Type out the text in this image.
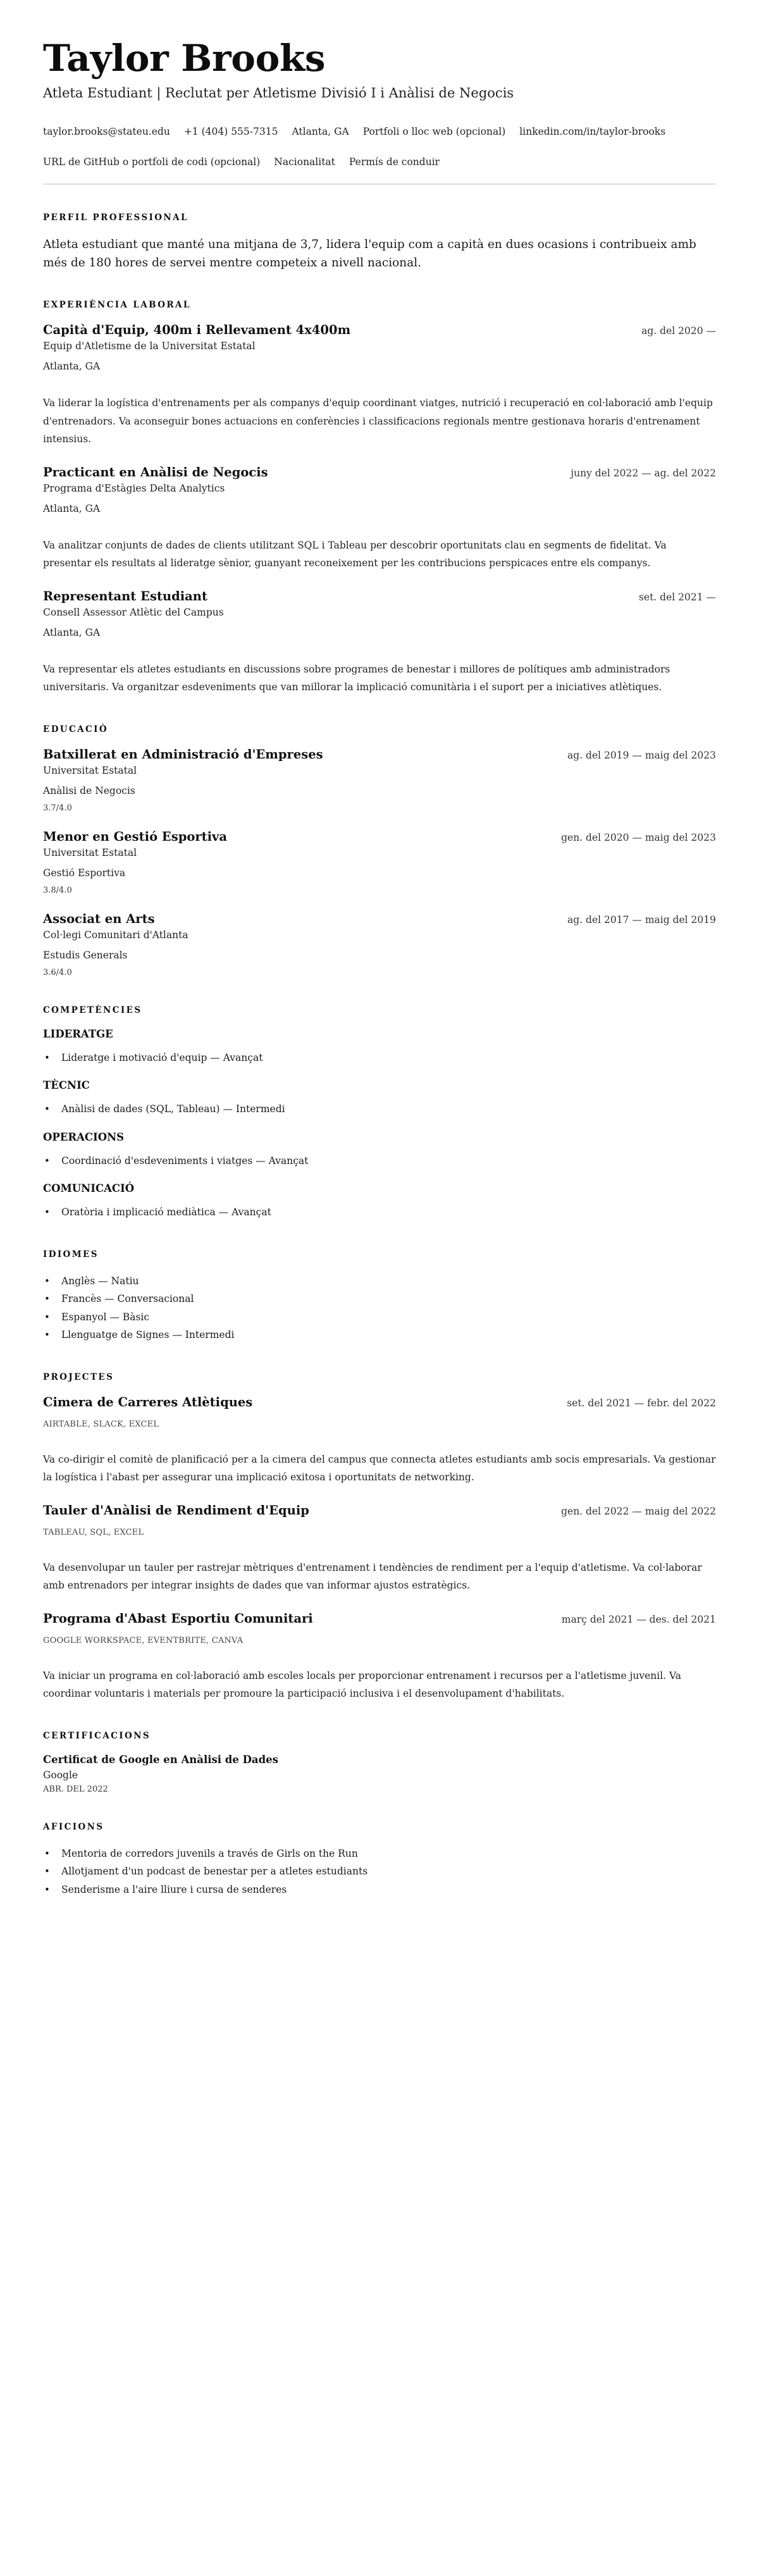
Taylor Brooks
Atleta Estudiant | Reclutat per Atletisme Divisió I i Anàlisi de Negocis
taylor.brooks@stateu.edu +1 (404) 555-7315 Atlanta, GA Portfoli o lloc web (opcional) linkedin.com/in/taylor-brooks
URL de GitHub o portfoli de codi (opcional) Nacionalitat Permís de conduir
PERFIL PROFESSIONAL
Atleta estudiant que manté una mitjana de 3,7, lidera l'equip com a capità en dues ocasions i contribueix amb més de 180 hores de servei mentre competeix a nivell nacional.
EXPERIÈNCIA LABORAL
Capità d'Equip, 400m i Rellevament 4x400m	ag. del 2020 —
Equip d'Atletisme de la Universitat Estatal
Atlanta, GA
Va liderar la logística d'entrenaments per als companys d'equip coordinant viatges, nutrició i recuperació en col·laboració amb l'equip d'entrenadors. Va aconseguir bones actuacions en conferències i classificacions regionals mentre gestionava horaris d'entrenament intensius.
Practicant en Anàlisi de Negocis	juny del 2022 — ag. del 2022
Programa d'Estàgies Delta Analytics
Atlanta, GA
Va analitzar conjunts de dades de clients utilitzant SQL i Tableau per descobrir oportunitats clau en segments de fidelitat. Va presentar els resultats al lideratge sènior, guanyant reconeixement per les contribucions perspicaces entre els companys.
Representant Estudiant	set. del 2021 —
Consell Assessor Atlètic del Campus
Atlanta, GA
Va representar els atletes estudiants en discussions sobre programes de benestar i millores de polítiques amb administradors universitaris. Va organitzar esdeveniments que van millorar la implicació comunitària i el suport per a iniciatives atlètiques.
EDUCACIÓ
Batxillerat en Administració d'Empreses	ag. del 2019 — maig del 2023
Universitat Estatal
Anàlisi de Negocis
3.7/4.0
Menor en Gestió Esportiva	gen. del 2020 — maig del 2023
Universitat Estatal
Gestió Esportiva
3.8/4.0
Associat en Arts	ag. del 2017 — maig del 2019
Col·legi Comunitari d'Atlanta
Estudis Generals
3.6/4.0
COMPETÈNCIES
LIDERATGE
• Lideratge i motivació d'equip — Avançat
TÈCNIC
• Anàlisi de dades (SQL, Tableau) — Intermedi
OPERACIONS
• Coordinació d'esdeveniments i viatges — Avançat
COMUNICACIÓ
• Oratòria i implicació mediàtica — Avançat
IDIOMES
• Anglès — Natiu
• Francès — Conversacional
• Espanyol — Bàsic
• Llenguatge de Signes — Intermedi
PROJECTES
Cimera de Carreres Atlètiques	set. del 2021 — febr. del 2022
AIRTABLE, SLACK, EXCEL
Va co-dirigir el comitè de planificació per a la cimera del campus que connecta atletes estudiants amb socis empresarials. Va gestionar la logística i l'abast per assegurar una implicació exitosa i oportunitats de networking.
Tauler d'Anàlisi de Rendiment d'Equip	gen. del 2022 — maig del 2022
TABLEAU, SQL, EXCEL
Va desenvolupar un tauler per rastrejar mètriques d'entrenament i tendències de rendiment per a l'equip d'atletisme. Va col·laborar amb entrenadors per integrar insights de dades que van informar ajustos estratègics.
Programa d'Abast Esportiu Comunitari	març del 2021 — des. del 2021
GOOGLE WORKSPACE, EVENTBRITE, CANVA
Va iniciar un programa en col·laboració amb escoles locals per proporcionar entrenament i recursos per a l'atletisme juvenil. Va coordinar voluntaris i materials per promoure la participació inclusiva i el desenvolupament d'habilitats.
CERTIFICACIONS
Certificat de Google en Anàlisi de Dades
Google
ABR. DEL 2022
AFICIONS
• Mentoria de corredors juvenils a través de Girls on the Run
• Allotjament d'un podcast de benestar per a atletes estudiants
• Senderisme a l'aire lliure i cursa de senderes
